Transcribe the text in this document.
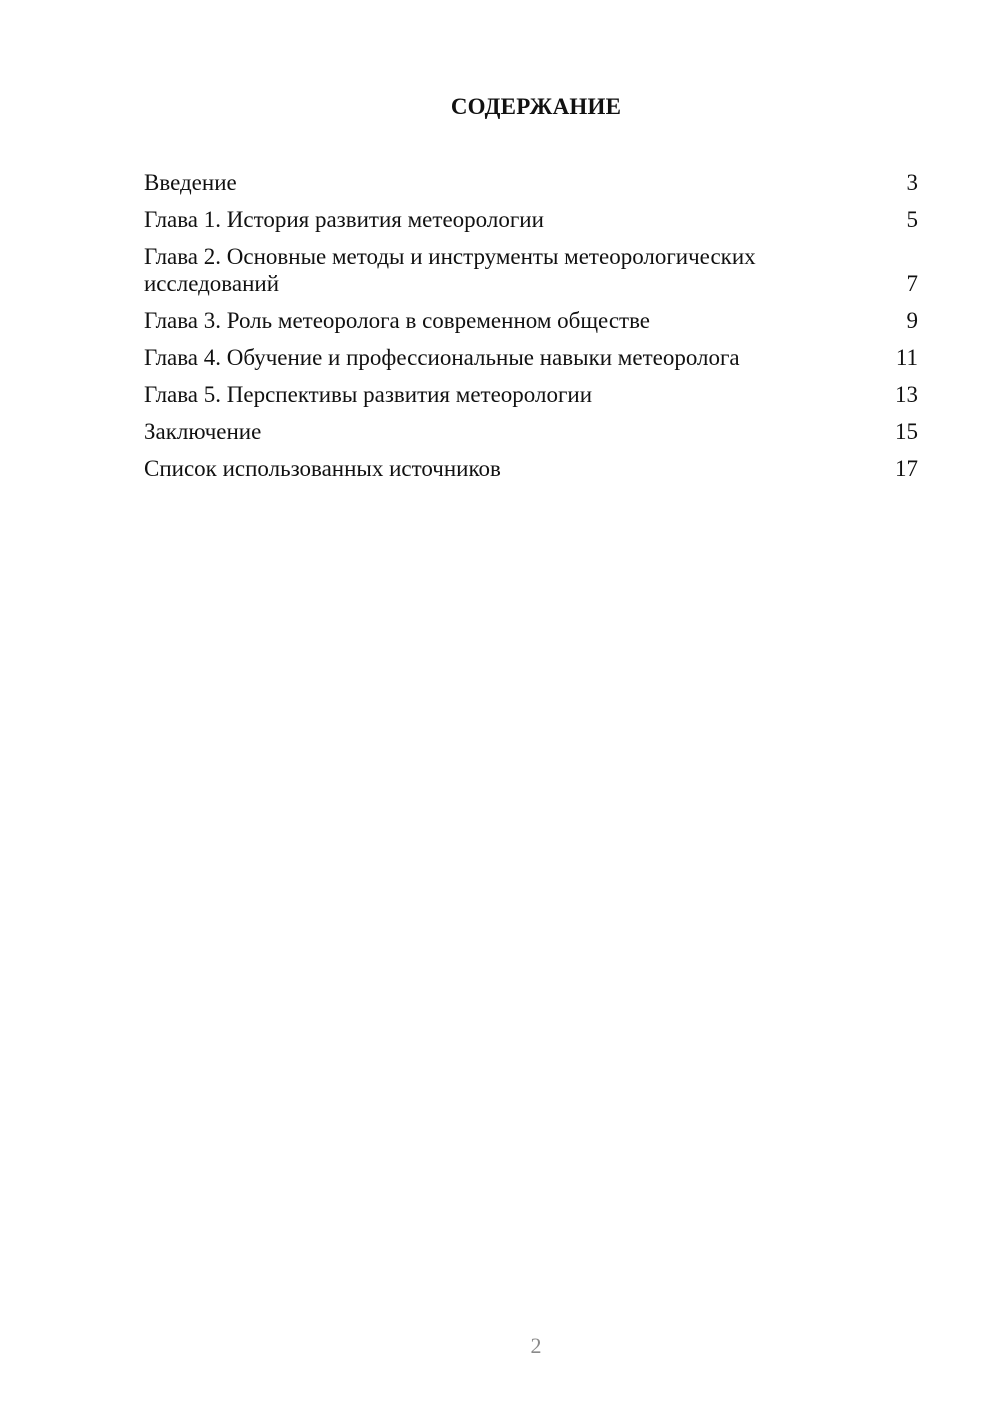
СОДЕРЖАНИЕ
Введение	3
Глава 1. История развития метеорологии	5
Глава 2. Основные методы и инструменты метеорологических исследований	7
Глава 3. Роль метеоролога в современном обществе	9
Глава 4. Обучение и профессиональные навыки метеоролога	11
Глава 5. Перспективы развития метеорологии	13
Заключение	15
Список использованных источников	17
2
